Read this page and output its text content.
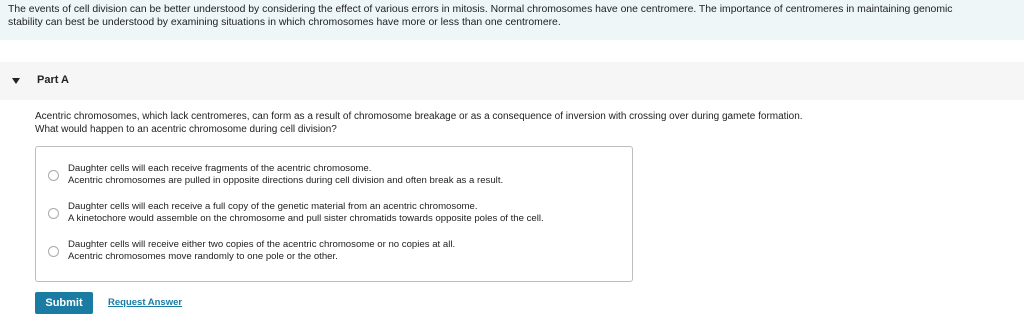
The events of cell division can be better understood by considering the effect of various errors in mitosis. Normal chromosomes have one centromere. The importance of centromeres in maintaining genomic
stability can best be understood by examining situations in which chromosomes have more or less than one centromere.
Part A
Acentric chromosomes, which lack centromeres, can form as a result of chromosome breakage or as a consequence of inversion with crossing over during gamete formation.
What would happen to an acentric chromosome during cell division?
Daughter cells will each receive fragments of the acentric chromosome.
Acentric chromosomes are pulled in opposite directions during cell division and often break as a result.
Daughter cells will each receive a full copy of the genetic material from an acentric chromosome.
A kinetochore would assemble on the chromosome and pull sister chromatids towards opposite poles of the cell.
Daughter cells will receive either two copies of the acentric chromosome or no copies at all.
Acentric chromosomes move randomly to one pole or the other.
Submit	Request Answer
